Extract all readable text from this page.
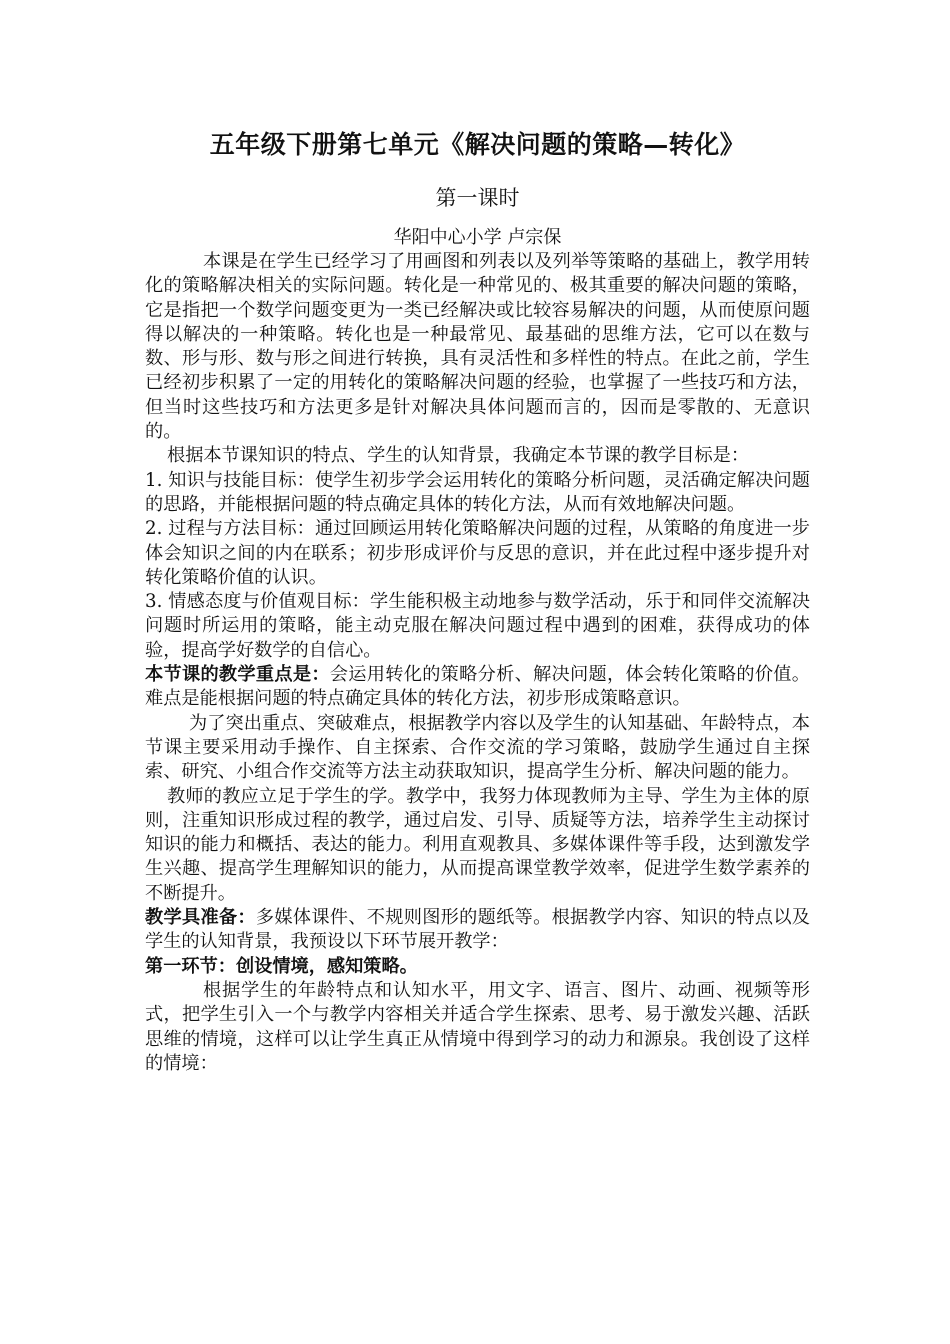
五年级下册第七单元《解决问题的策略—转化》
第一课时
华阳中心小学 卢宗保

本课是在学生已经学习了用画图和列表以及列举等策略的基础上，教学用转化的策略解决相关的实际问题。转化是一种常见的、极其重要的解决问题的策略，它是指把一个数学问题变更为一类已经解决或比较容易解决的问题，从而使原问题得以解决的一种策略。转化也是一种最常见、最基础的思维方法，它可以在数与数、形与形、数与形之间进行转换，具有灵活性和多样性的特点。在此之前，学生已经初步积累了一定的用转化的策略解决问题的经验，也掌握了一些技巧和方法，但当时这些技巧和方法更多是针对解决具体问题而言的，因而是零散的、无意识的。

根据本节课知识的特点、学生的认知背景，我确定本节课的教学目标是：

1. 知识与技能目标：使学生初步学会运用转化的策略分析问题，灵活确定解决问题的思路，并能根据问题的特点确定具体的转化方法，从而有效地解决问题。

2. 过程与方法目标：通过回顾运用转化策略解决问题的过程，从策略的角度进一步体会知识之间的内在联系；初步形成评价与反思的意识，并在此过程中逐步提升对转化策略价值的认识。

3. 情感态度与价值观目标：学生能积极主动地参与数学活动，乐于和同伴交流解决问题时所运用的策略，能主动克服在解决问题过程中遇到的困难，获得成功的体验，提高学好数学的自信心。

本节课的教学重点是：会运用转化的策略分析、解决问题，体会转化策略的价值。难点是能根据问题的特点确定具体的转化方法，初步形成策略意识。

为了突出重点、突破难点，根据教学内容以及学生的认知基础、年龄特点，本节课主要采用动手操作、自主探索、合作交流的学习策略，鼓励学生通过自主探索、研究、小组合作交流等方法主动获取知识，提高学生分析、解决问题的能力。

教师的教应立足于学生的学。教学中，我努力体现教师为主导、学生为主体的原则，注重知识形成过程的教学，通过启发、引导、质疑等方法，培养学生主动探讨知识的能力和概括、表达的能力。利用直观教具、多媒体课件等手段，达到激发学生兴趣、提高学生理解知识的能力，从而提高课堂教学效率，促进学生数学素养的不断提升。

教学具准备：多媒体课件、不规则图形的题纸等。根据教学内容、知识的特点以及学生的认知背景，我预设以下环节展开教学：

第一环节：创设情境，感知策略。

根据学生的年龄特点和认知水平，用文字、语言、图片、动画、视频等形式，把学生引入一个与教学内容相关并适合学生探索、思考、易于激发兴趣、活跃思维的情境，这样可以让学生真正从情境中得到学习的动力和源泉。我创设了这样的情境：
